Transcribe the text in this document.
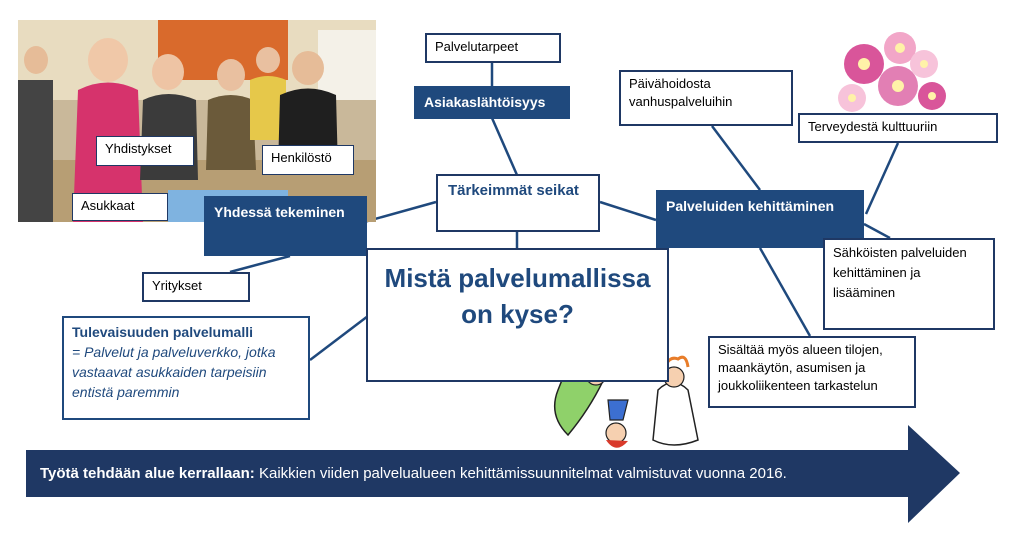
Palvelutarpeet
Asiakaslähtöisyys
Tärkeimmät seikat
Yhdessä tekeminen
Yhdistykset
Henkilöstö
Asukkaat
Yritykset
Palveluiden kehittäminen
Päivähoidosta vanhuspalveluihin
Terveydestä kulttuuriin
Sähköisten palveluiden kehittäminen ja lisääminen
Sisältää myös alueen tilojen, maankäytön, asumisen ja joukkoliikenteen tarkastelun
Mistä palvelumallissa on kyse?
Tulevaisuuden palvelumalli
= Palvelut ja palveluverkko, jotka vastaavat asukkaiden tarpeisiin entistä paremmin
Työtä tehdään alue kerrallaan: Kaikkien viiden palvelualueen kehittämissuunnitelmat valmistuvat vuonna 2016.
